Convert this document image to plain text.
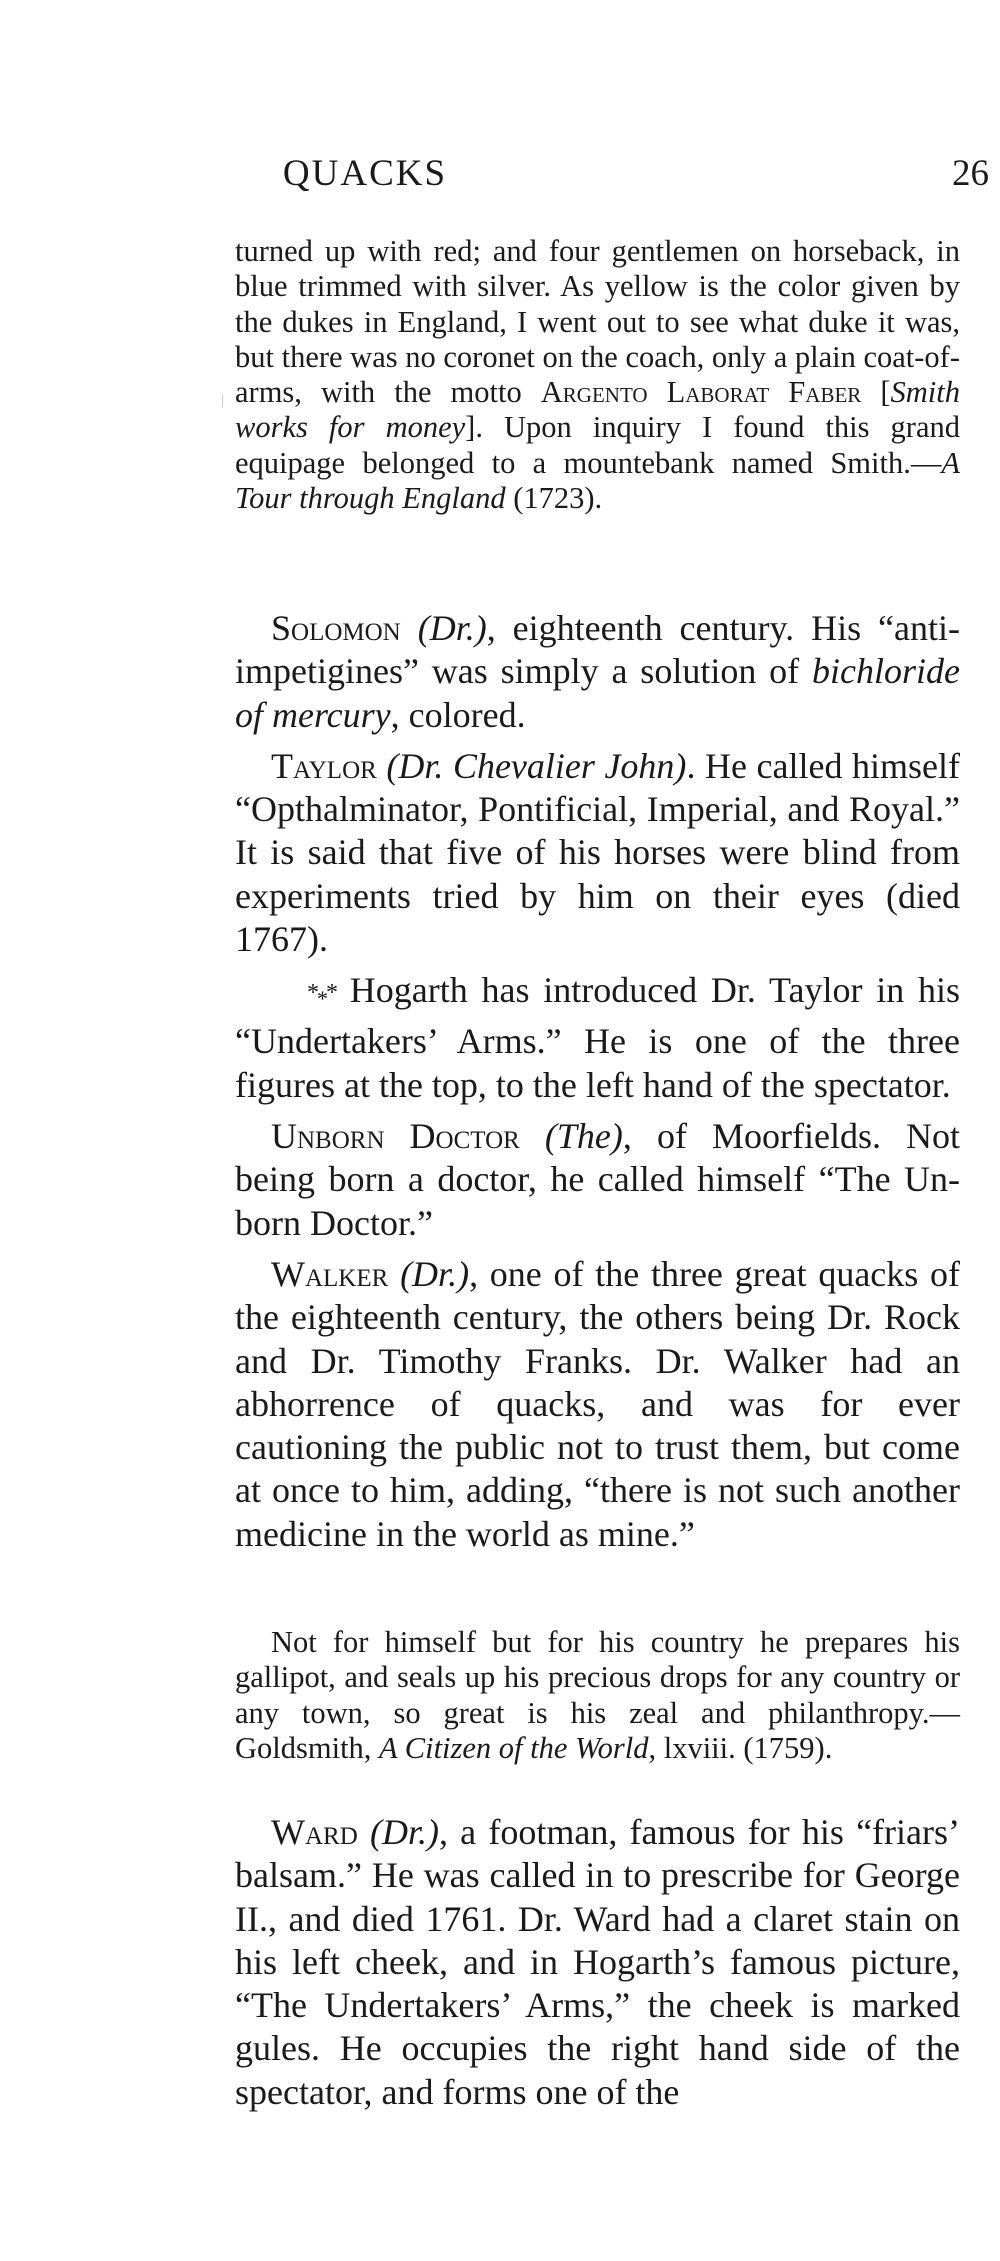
QUACKS	26

turned up with red; and four gentlemen on horseback, in blue trimmed with silver. As yellow is the color given by the dukes in England, I went out to see what duke it was, but there was no coronet on the coach, only a plain coat-of-arms, with the motto Argento Laborat Faber [Smith works for money]. Upon inquiry I found this grand equipage belonged to a mountebank named Smith.—A Tour through England (1723).

Solomon (Dr.), eighteenth century. His “anti-impetigines” was simply a solution of bichloride of mercury, colored.

Taylor (Dr. Chevalier John). He called himself “Opthalminator, Pontificial, Imperial, and Royal.” It is said that five of his horses were blind from experiments tried by him on their eyes (died 1767).

$*_**$ Hogarth has introduced Dr. Taylor in his “Undertakers’ Arms.” He is one of the three figures at the top, to the left hand of the spectator.

Unborn Doctor (The), of Moorfields. Not being born a doctor, he called himself “The Un-born Doctor.”

Walker (Dr.), one of the three great quacks of the eighteenth century, the others being Dr. Rock and Dr. Timothy Franks. Dr. Walker had an abhorrence of quacks, and was for ever cautioning the public not to trust them, but come at once to him, adding, “there is not such another medicine in the world as mine.”

Not for himself but for his country he prepares his gallipot, and seals up his precious drops for any country or any town, so great is his zeal and philanthropy.—Goldsmith, A Citizen of the World, lxviii. (1759).

Ward (Dr.), a footman, famous for his “friars’ balsam.” He was called in to prescribe for George II., and died 1761. Dr. Ward had a claret stain on his left cheek, and in Hogarth’s famous picture, “The Undertakers’ Arms,” the cheek is marked gules. He occupies the right hand side of the spectator, and forms one of the
